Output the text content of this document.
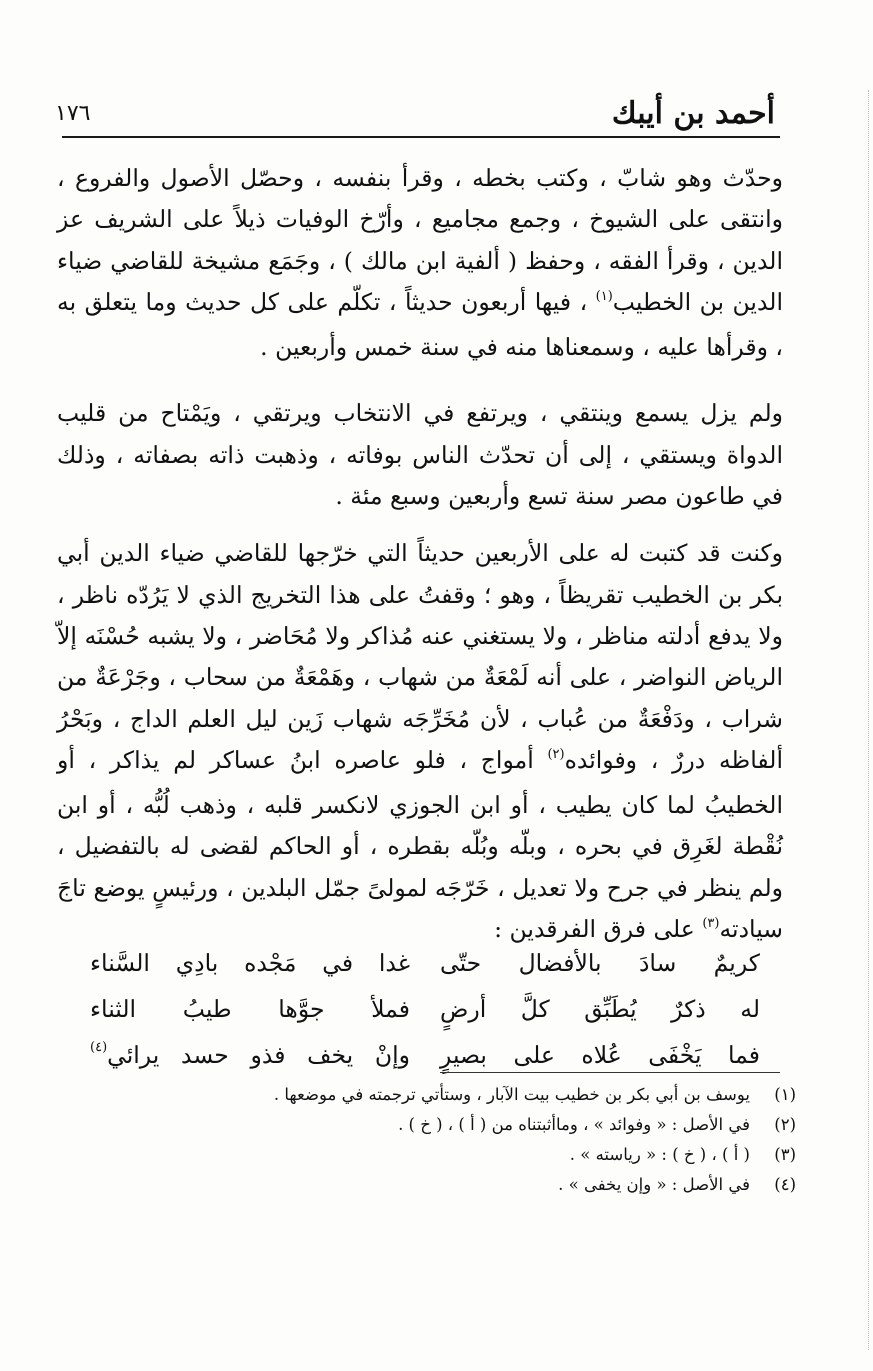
أحمد بن أيبك
١٧٦

وحدّث وهو شابّ ، وكتب بخطه ، وقرأ بنفسه ، وحصّل الأصول والفروع ، وانتقى على الشيوخ ، وجمع مجاميع ، وأرّخ الوفيات ذيلاً على الشريف عز الدين ، وقرأ الفقه ، وحفظ ( ألفية ابن مالك ) ، وجَمَع مشيخة للقاضي ضياء الدين بن الخطيب$^{(١)}$ ، فيها أربعون حديثاً ، تكلّم على كل حديث وما يتعلق به ، وقرأها عليه ، وسمعناها منه في سنة خمس وأربعين .

ولم يزل يسمع وينتقي ، ويرتفع في الانتخاب ويرتقي ، ويَمْتاح من قليب الدواة ويستقي ، إلى أن تحدّث الناس بوفاته ، وذهبت ذاته بصفاته ، وذلك في طاعون مصر سنة تسع وأربعين وسبع مئة .

وكنت قد كتبت له على الأربعين حديثاً التي خرّجها للقاضي ضياء الدين أبي بكر بن الخطيب تقريظاً ، وهو ؛ وقفتُ على هذا التخريج الذي لا يَرُدّه ناظر ، ولا يدفع أدلته مناظر ، ولا يستغني عنه مُذاكر ولا مُحَاضر ، ولا يشبه حُسْنَه إلاّ الرياض النواضر ، على أنه لَمْعَةٌ من شهاب ، وهَمْعَةٌ من سحاب ، وجَرْعَةٌ من شراب ، ودَفْعَةٌ من عُباب ، لأن مُخَرِّجَه شهاب زَين ليل العلم الداج ، وبَحْرُ ألفاظه دررٌ ، وفوائده$^{(٢)}$ أمواج ، فلو عاصره ابنُ عساكر لم يذاكر ، أو الخطيبُ لما كان يطيب ، أو ابن الجوزي لانكسر قلبه ، وذهب لُبُّه ، أو ابن نُقْطة لغَرِق في بحره ، وبلّه وبُلّه بقطره ، أو الحاكم لقضى له بالتفضيل ، ولم ينظر في جرح ولا تعديل ، خَرّجَه لمولىً جمّل البلدين ، ورئيسٍ يوضع تاجَ سيادته$^{(٣)}$ على فرق الفرقدين :

كريمٌ سادَ بالأفضال حتّى
غدا في مَجْده بادِي السَّناء
له ذكرٌ يُطَبِّق كلَّ أرضٍ
فملأ جوَّها طيبُ الثناء
فما يَخْفَى عُلاه على بصيرٍ
وإنْ يخف فذو حسد يرائي$^{(٤)}$
(١)
يوسف بن أبي بكر بن خطيب بيت الآبار ، وستأتي ترجمته في موضعها .
(٢)
في الأصل : « وفوائد » ، وماأثبتناه من ( أ ) ، ( خ ) .
(٣)
( أ ) ، ( خ ) : « رياسته » .
(٤)
في الأصل : « وإن يخفى » .
